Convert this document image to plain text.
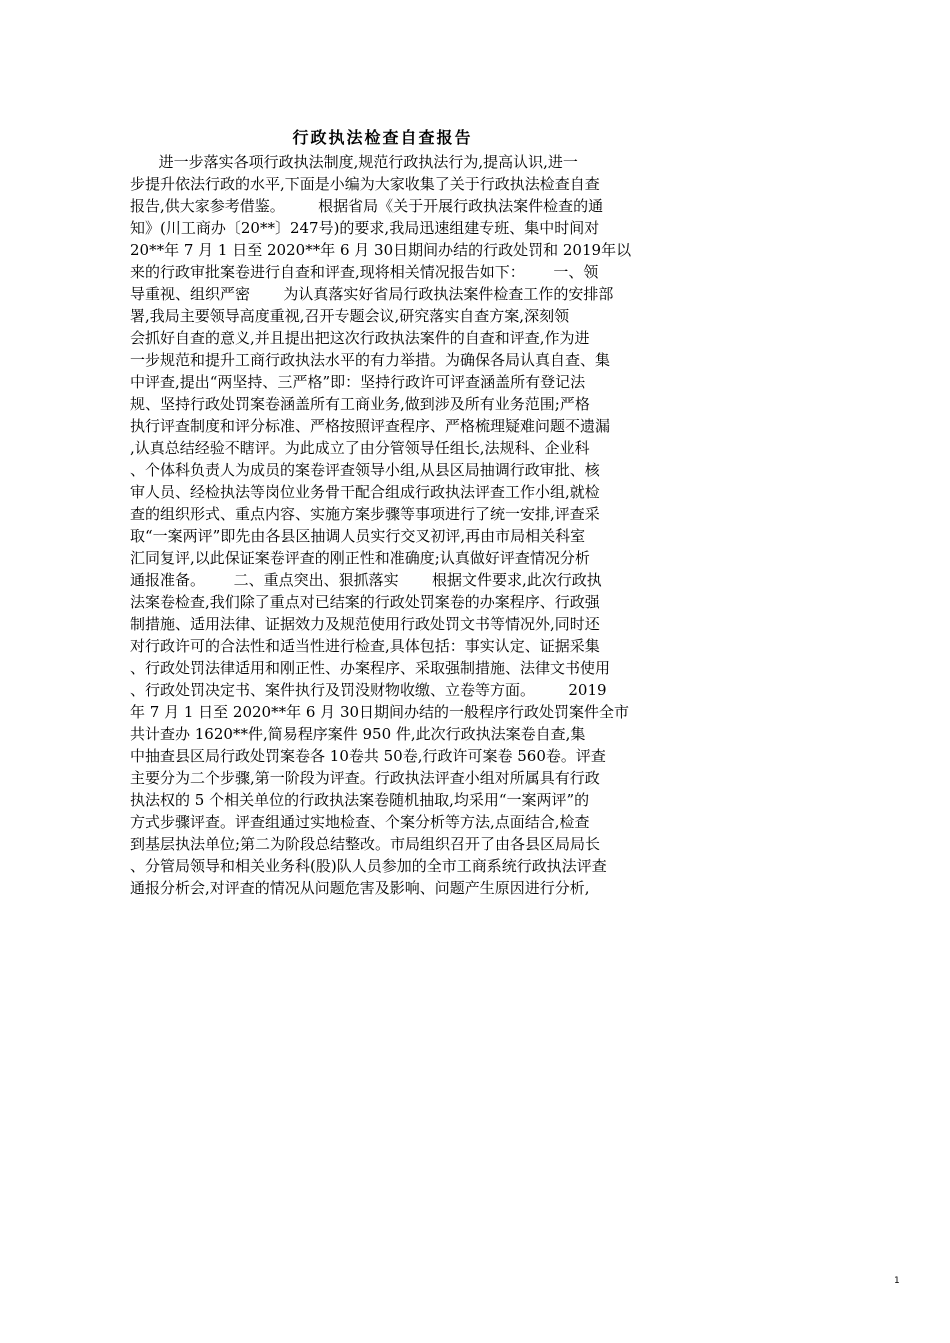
行政执法检查自查报告
进一步落实各项行政执法制度,规范行政执法行为,提高认识,进一
步提升依法行政的水平,下面是小编为大家收集了关于行政执法检查自查
报告,供大家参考借鉴。       根据省局《关于开展行政执法案件检查的通
知》(川工商办〔20**〕247号)的要求,我局迅速组建专班、集中时间对
20**年 7 月 1 日至 2020**年 6 月 30日期间办结的行政处罚和 2019年以
来的行政审批案卷进行自查和评查,现将相关情况报告如下：      一、领
导重视、组织严密       为认真落实好省局行政执法案件检查工作的安排部
署,我局主要领导高度重视,召开专题会议,研究落实自查方案,深刻领
会抓好自查的意义,并且提出把这次行政执法案件的自查和评查,作为进
一步规范和提升工商行政执法水平的有力举措。为确保各局认真自查、集
中评查,提出“两坚持、三严格”即：坚持行政许可评查涵盖所有登记法
规、坚持行政处罚案卷涵盖所有工商业务,做到涉及所有业务范围;严格
执行评查制度和评分标准、严格按照评查程序、严格梳理疑难问题不遗漏
,认真总结经验不瞎评。为此成立了由分管领导任组长,法规科、企业科
、个体科负责人为成员的案卷评查领导小组,从县区局抽调行政审批、核
审人员、经检执法等岗位业务骨干配合组成行政执法评查工作小组,就检
查的组织形式、重点内容、实施方案步骤等事项进行了统一安排,评查采
取“一案两评”即先由各县区抽调人员实行交叉初评,再由市局相关科室
汇同复评,以此保证案卷评查的刚正性和准确度;认真做好评查情况分析
通报准备。      二、重点突出、狠抓落实       根据文件要求,此次行政执
法案卷检查,我们除了重点对已结案的行政处罚案卷的办案程序、行政强
制措施、适用法律、证据效力及规范使用行政处罚文书等情况外,同时还
对行政许可的合法性和适当性进行检查,具体包括：事实认定、证据采集
、行政处罚法律适用和刚正性、办案程序、采取强制措施、法律文书使用
、行政处罚决定书、案件执行及罚没财物收缴、立卷等方面。       2019
年 7 月 1 日至 2020**年 6 月 30日期间办结的一般程序行政处罚案件全市
共计查办 1620**件,简易程序案件 950 件,此次行政执法案卷自查,集
中抽查县区局行政处罚案卷各 10卷共 50卷,行政许可案卷 560卷。评查
主要分为二个步骤,第一阶段为评查。行政执法评查小组对所属具有行政
执法权的 5 个相关单位的行政执法案卷随机抽取,均采用“一案两评”的
方式步骤评查。评查组通过实地检查、个案分析等方法,点面结合,检查
到基层执法单位;第二为阶段总结整改。市局组织召开了由各县区局局长
、分管局领导和相关业务科(股)队人员参加的全市工商系统行政执法评查
通报分析会,对评查的情况从问题危害及影响、问题产生原因进行分析,
1
